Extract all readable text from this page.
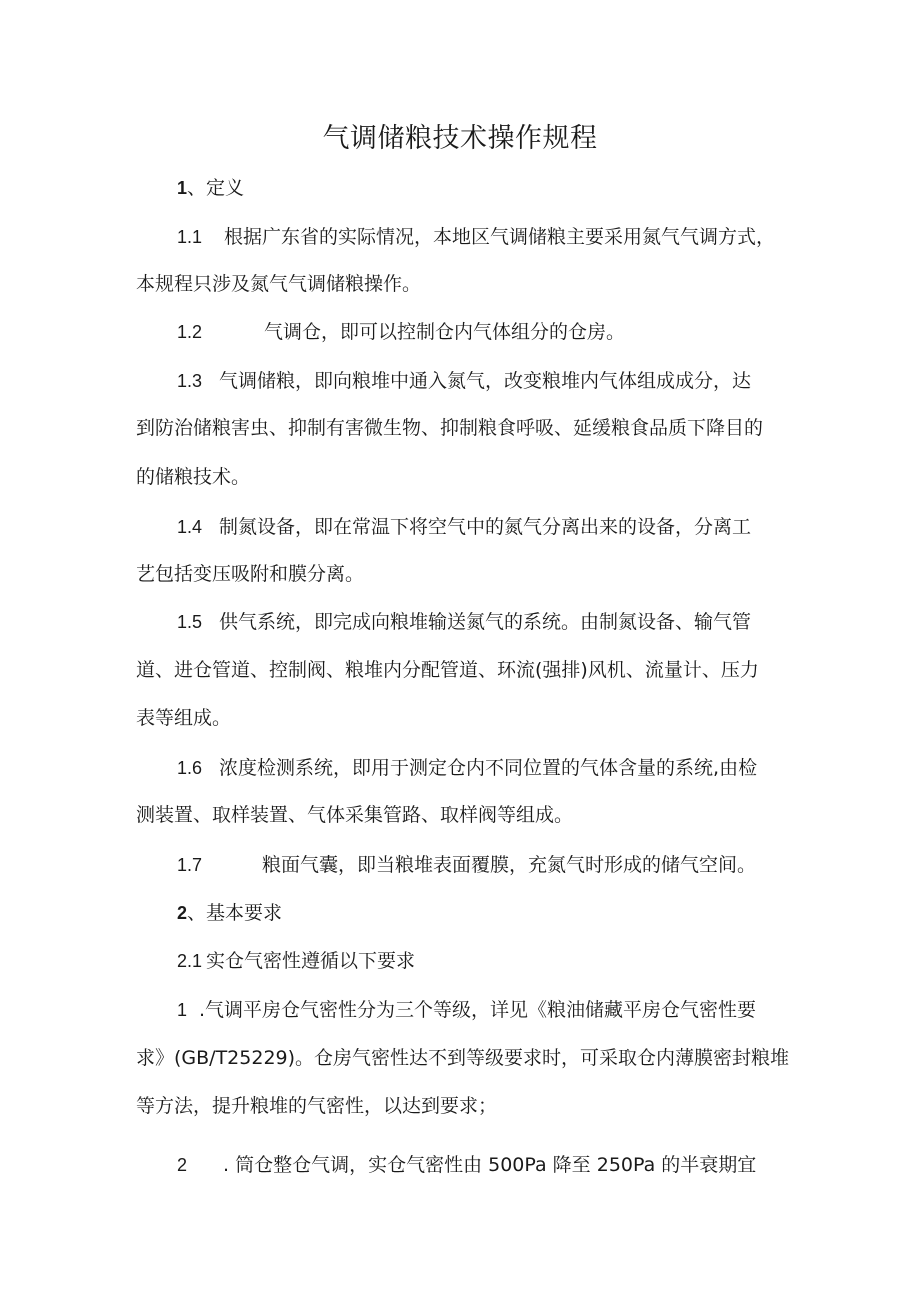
气调储粮技术操作规程

1、定义

1.1 根据广东省的实际情况，本地区气调储粮主要采用氮气气调方式，

本规程只涉及氮气气调储粮操作。

1.2	气调仓，即可以控制仓内气体组分的仓房。

1.3 气调储粮，即向粮堆中通入氮气，改变粮堆内气体组成成分，达

到防治储粮害虫、抑制有害微生物、抑制粮食呼吸、延缓粮食品质下降目的

的储粮技术。

1.4 制氮设备，即在常温下将空气中的氮气分离出来的设备，分离工

艺包括变压吸附和膜分离。

1.5 供气系统，即完成向粮堆输送氮气的系统。由制氮设备、输气管

道、进仓管道、控制阀、粮堆内分配管道、环流(强排)风机、流量计、压力

表等组成。

1.6 浓度检测系统，即用于测定仓内不同位置的气体含量的系统,由检

测装置、取样装置、气体采集管路、取样阀等组成。

1.7	粮面气囊，即当粮堆表面覆膜，充氮气时形成的储气空间。

2、基本要求

2.1 实仓气密性遵循以下要求

1 .气调平房仓气密性分为三个等级，详见《粮油储藏平房仓气密性要

求》(GB/T25229)。仓房气密性达不到等级要求时，可采取仓内薄膜密封粮堆

等方法，提升粮堆的气密性，以达到要求；

2 . 筒仓整仓气调，实仓气密性由 500Pa 降至 250Pa 的半衰期宜
